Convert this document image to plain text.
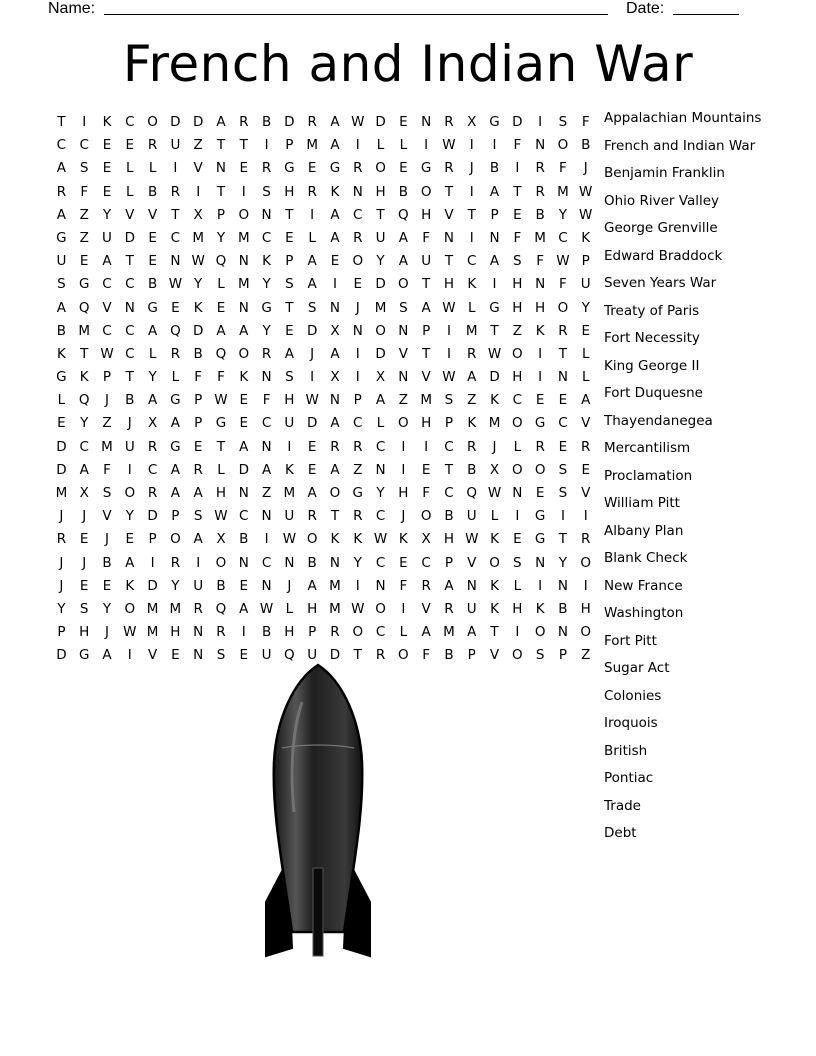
Name:	Date:
French and Indian War
T	I	K	C O D D A R B D R A W D E N R X G D	I	S	F
C C	E	E	R U Z	T	T	I	P M A	I	L	L	I	W	I	I	F	N O B
A	S	E	L	L	I	V N E	R G E G R O E G R	J	B	I	R	F	J
R	F	E	L	B R	I	T	I	S H R	K N H B O T	I	A	T	R M W
A	Z	Y	V	V	T	X	P O N	T	I	A C	T Q H V	T	P	E	B	Y W
G Z U D E	C M Y M C	E	L	A R U A	F	N	I	N	F M C	K
U	E	A	T	E N W Q N K	P	A	E O Y	A U	T	C A	S	F W P
S G C C B W Y	L M Y	S	A	I	E D O T	H K	I	H N	F	U
A Q V N G E	K	E N G T	S N	J	M S	A W L	G H H O Y
B M C C A Q D A	A	Y	E D X N O N	P	I	M T	Z	K	R	E
K	T W C	L	R B Q O R A	J	A	I	D V	T	I	R W O	I	T	L
G K	P	T	Y	L	F	F	K N S	I	X	I	X N V W A D H	I	N	L
L	Q	J	B	A G P W E	F	H W N	P	A	Z M S	Z	K	C	E	E	A
E	Y	Z	J	X	A	P G E	C U D A C	L	O H	P	K M O G C V
D C M U R G E	T	A N	I	E	R R C	I	I	C R	J	L	R	E	R
D A	F	I	C A R	L	D A	K	E	A	Z N	I	E	T	B	X O O S	E
M X	S O R A	A H N Z M A O G Y	H	F	C Q W N E	S	V
J	J	V	Y D	P	S W C N U R	T	R C	J	O B U	L	I	G	I	I
R	E	J	E	P O A	X	B	I	W O K	K W K	X H W K	E G T	R
J	J	B	A	I	R	I	O N C N B N	Y	C	E	C	P	V O S N	Y O
J	E	E	K D Y	U B	E N	J	A M	I	N	F	R A N K	L	I	N	I
Y	S	Y O M M R Q A W L	H M W O	I	V R U K H K	B H
P	H	J	W M H N R	I	B H	P	R O C	L	A M A	T	I	O N O
D G A	I	V	E N S	E	U Q U D T	R O	F	B	P	V O S	P	Z
Appalachian Mountains
French and Indian War
Benjamin Franklin
Ohio River Valley
George Grenville
Edward Braddock
Seven Years War
Treaty of Paris
Fort Necessity
King George II
Fort Duquesne
Thayendanegea
Mercantilism
Proclamation
William Pitt
Albany Plan
Blank Check
New France
Washington
Fort Pitt
Sugar Act
Colonies
Iroquois
British
Pontiac
Trade
Debt
